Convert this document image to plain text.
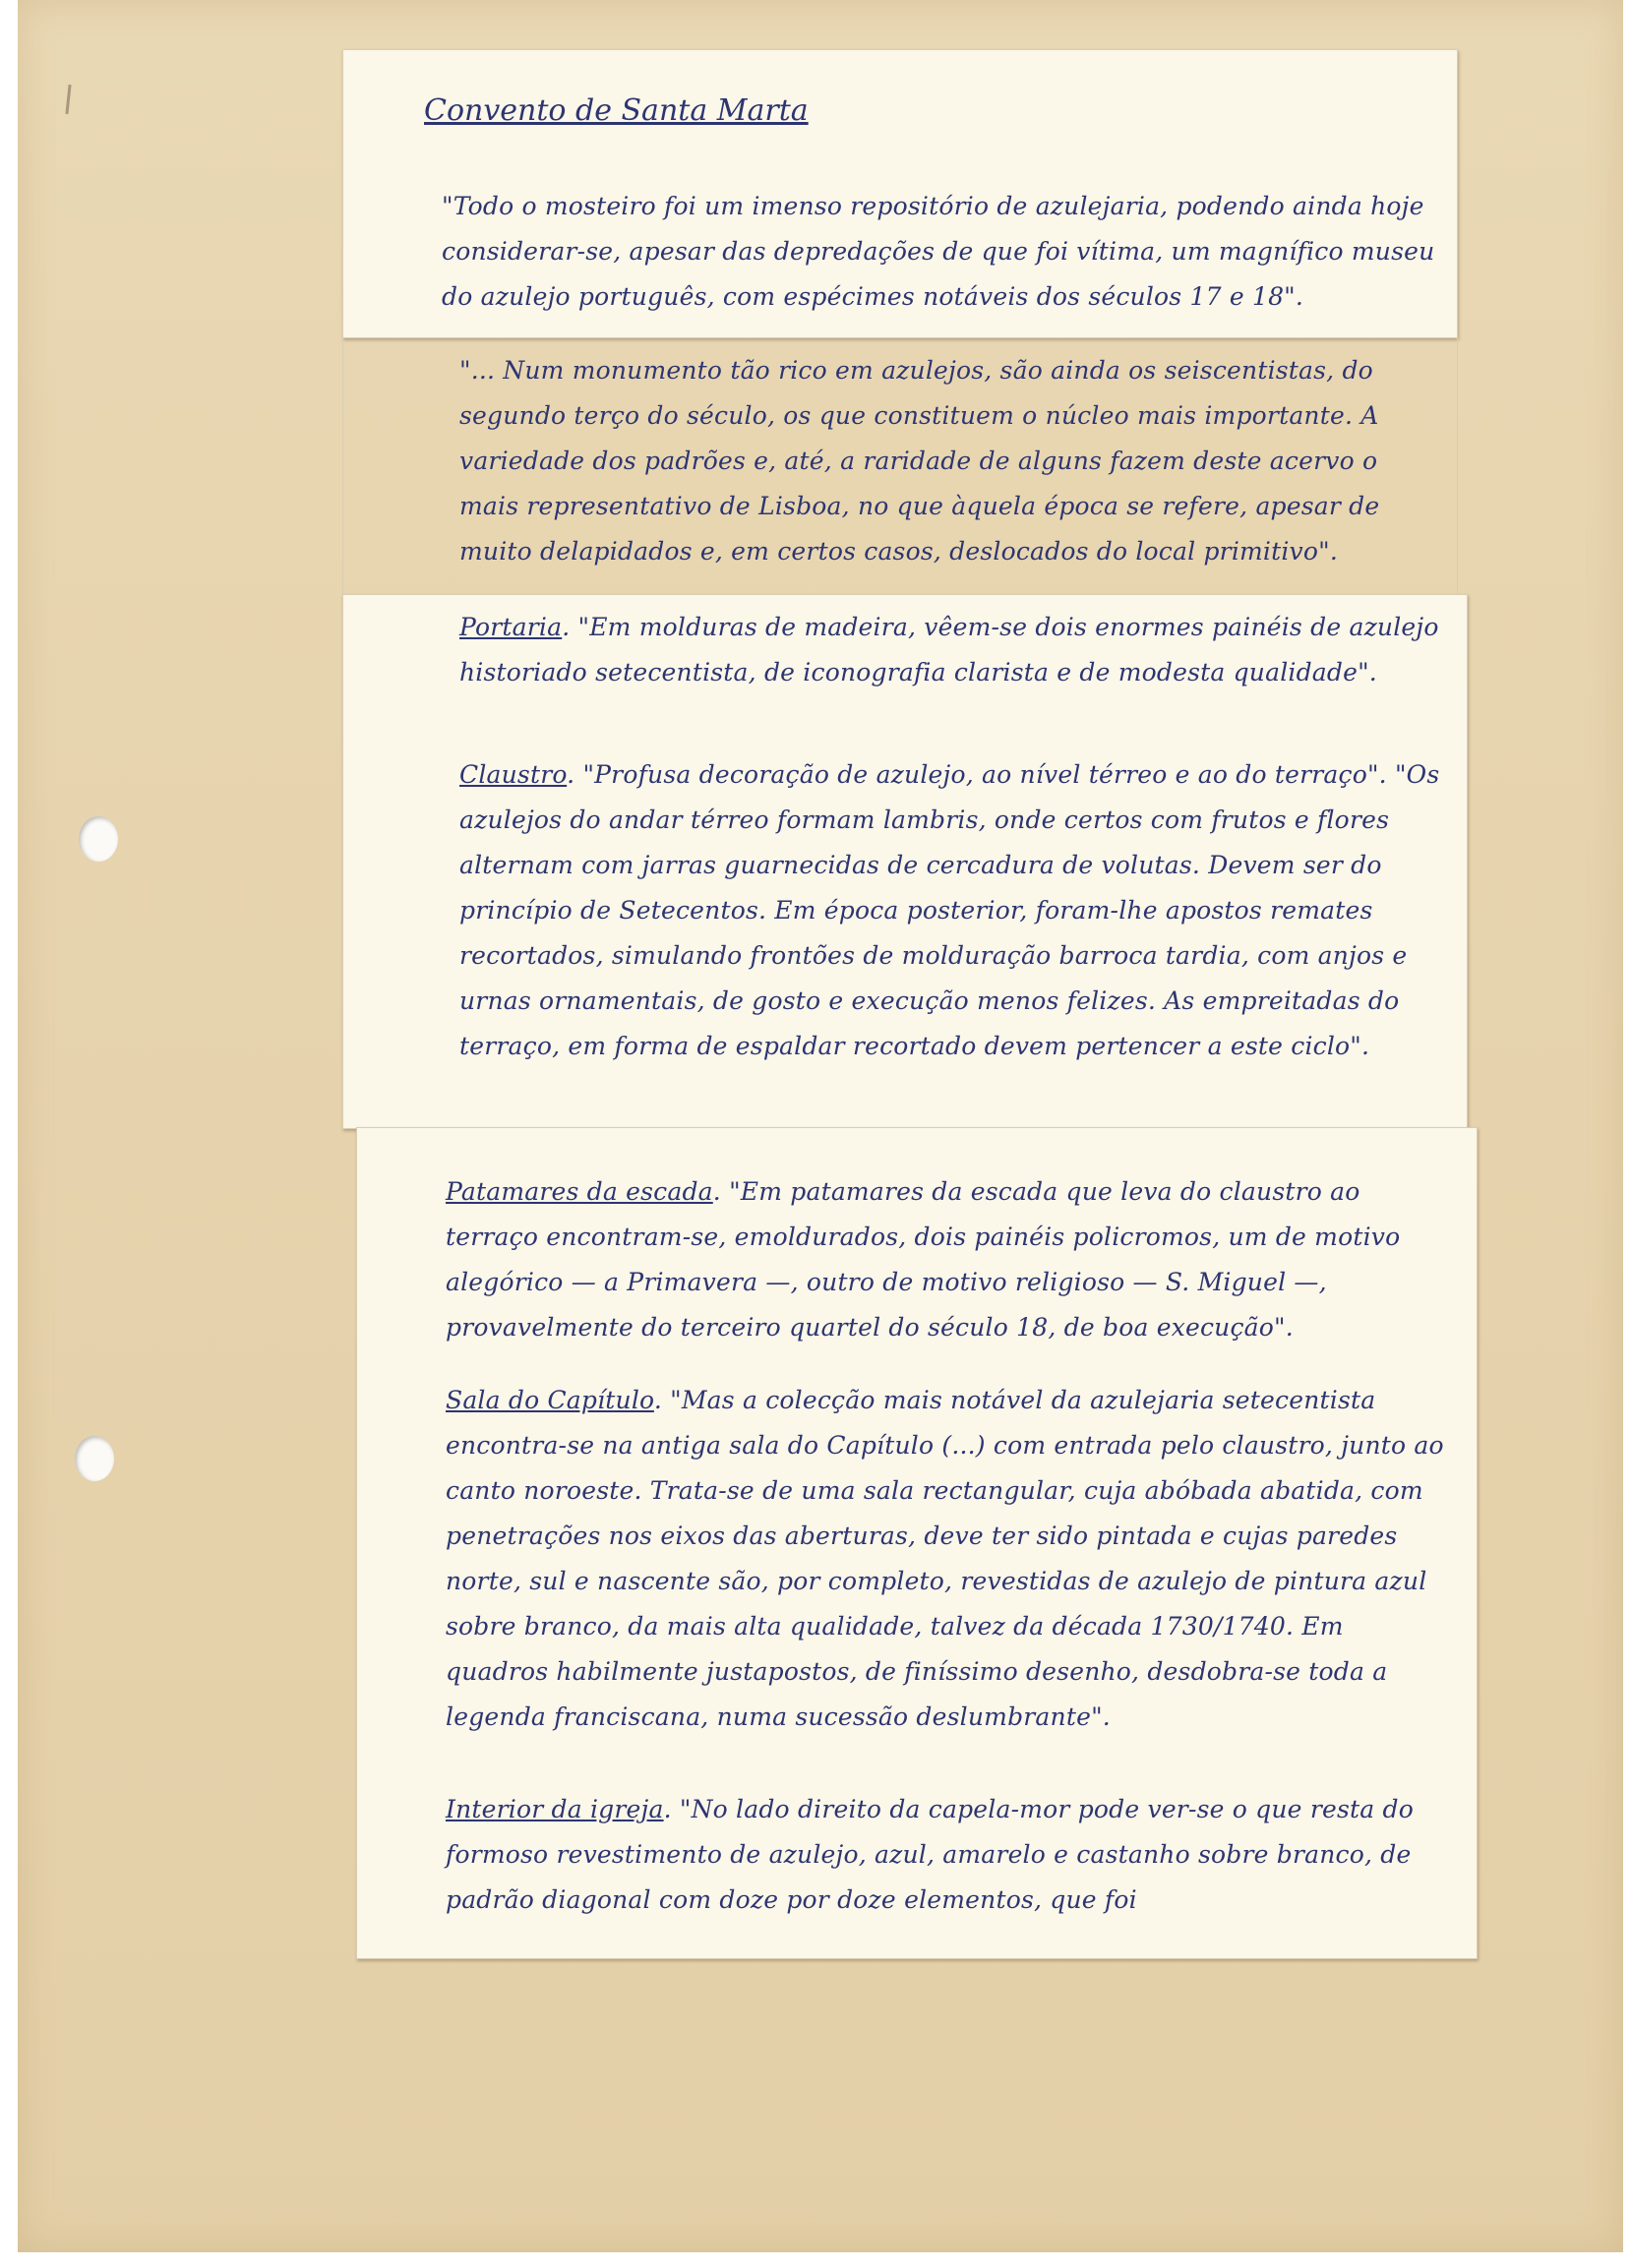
Convento de Santa Marta

"Todo o mosteiro foi um imenso repositório de azulejaria, podendo ainda hoje considerar-se, apesar das depredações de que foi vítima, um magnífico museu do azulejo português, com espécimes notáveis dos séculos 17 e 18".

"... Num monumento tão rico em azulejos, são ainda os seiscentistas, do segundo terço do século, os que constituem o núcleo mais importante. A variedade dos padrões e, até, a raridade de alguns fazem deste acervo o mais representativo de Lisboa, no que àquela época se refere, apesar de muito delapidados e, em certos casos, deslocados do local primitivo".

Portaria. "Em molduras de madeira, vêem-se dois enormes painéis de azulejo historiado setecentista, de iconografia clarista e de modesta qualidade".

Claustro. "Profusa decoração de azulejo, ao nível térreo e ao do terraço". "Os azulejos do andar térreo formam lambris, onde certos com frutos e flores alternam com jarras guarnecidas de cercadura de volutas. Devem ser do princípio de Setecentos. Em época posterior, foram-lhe apostos remates recortados, simulando frontões de molduração barroca tardia, com anjos e urnas ornamentais, de gosto e execução menos felizes. As empreitadas do terraço, em forma de espaldar recortado devem pertencer a este ciclo".

Patamares da escada. "Em patamares da escada que leva do claustro ao terraço encontram-se, emoldurados, dois painéis policromos, um de motivo alegórico — a Primavera —, outro de motivo religioso — S. Miguel —, provavelmente do terceiro quartel do século 18, de boa execução".

Sala do Capítulo. "Mas a colecção mais notável da azulejaria setecentista encontra-se na antiga sala do Capítulo (...) com entrada pelo claustro, junto ao canto noroeste. Trata-se de uma sala rectangular, cuja abóbada abatida, com penetrações nos eixos das aberturas, deve ter sido pintada e cujas paredes norte, sul e nascente são, por completo, revestidas de azulejo de pintura azul sobre branco, da mais alta qualidade, talvez da década 1730/1740. Em quadros habilmente justapostos, de finíssimo desenho, desdobra-se toda a legenda franciscana, numa sucessão deslumbrante".

Interior da igreja. "No lado direito da capela-mor pode ver-se o que resta do formoso revestimento de azulejo, azul, amarelo e castanho sobre branco, de padrão diagonal com doze por doze elementos, que foi
